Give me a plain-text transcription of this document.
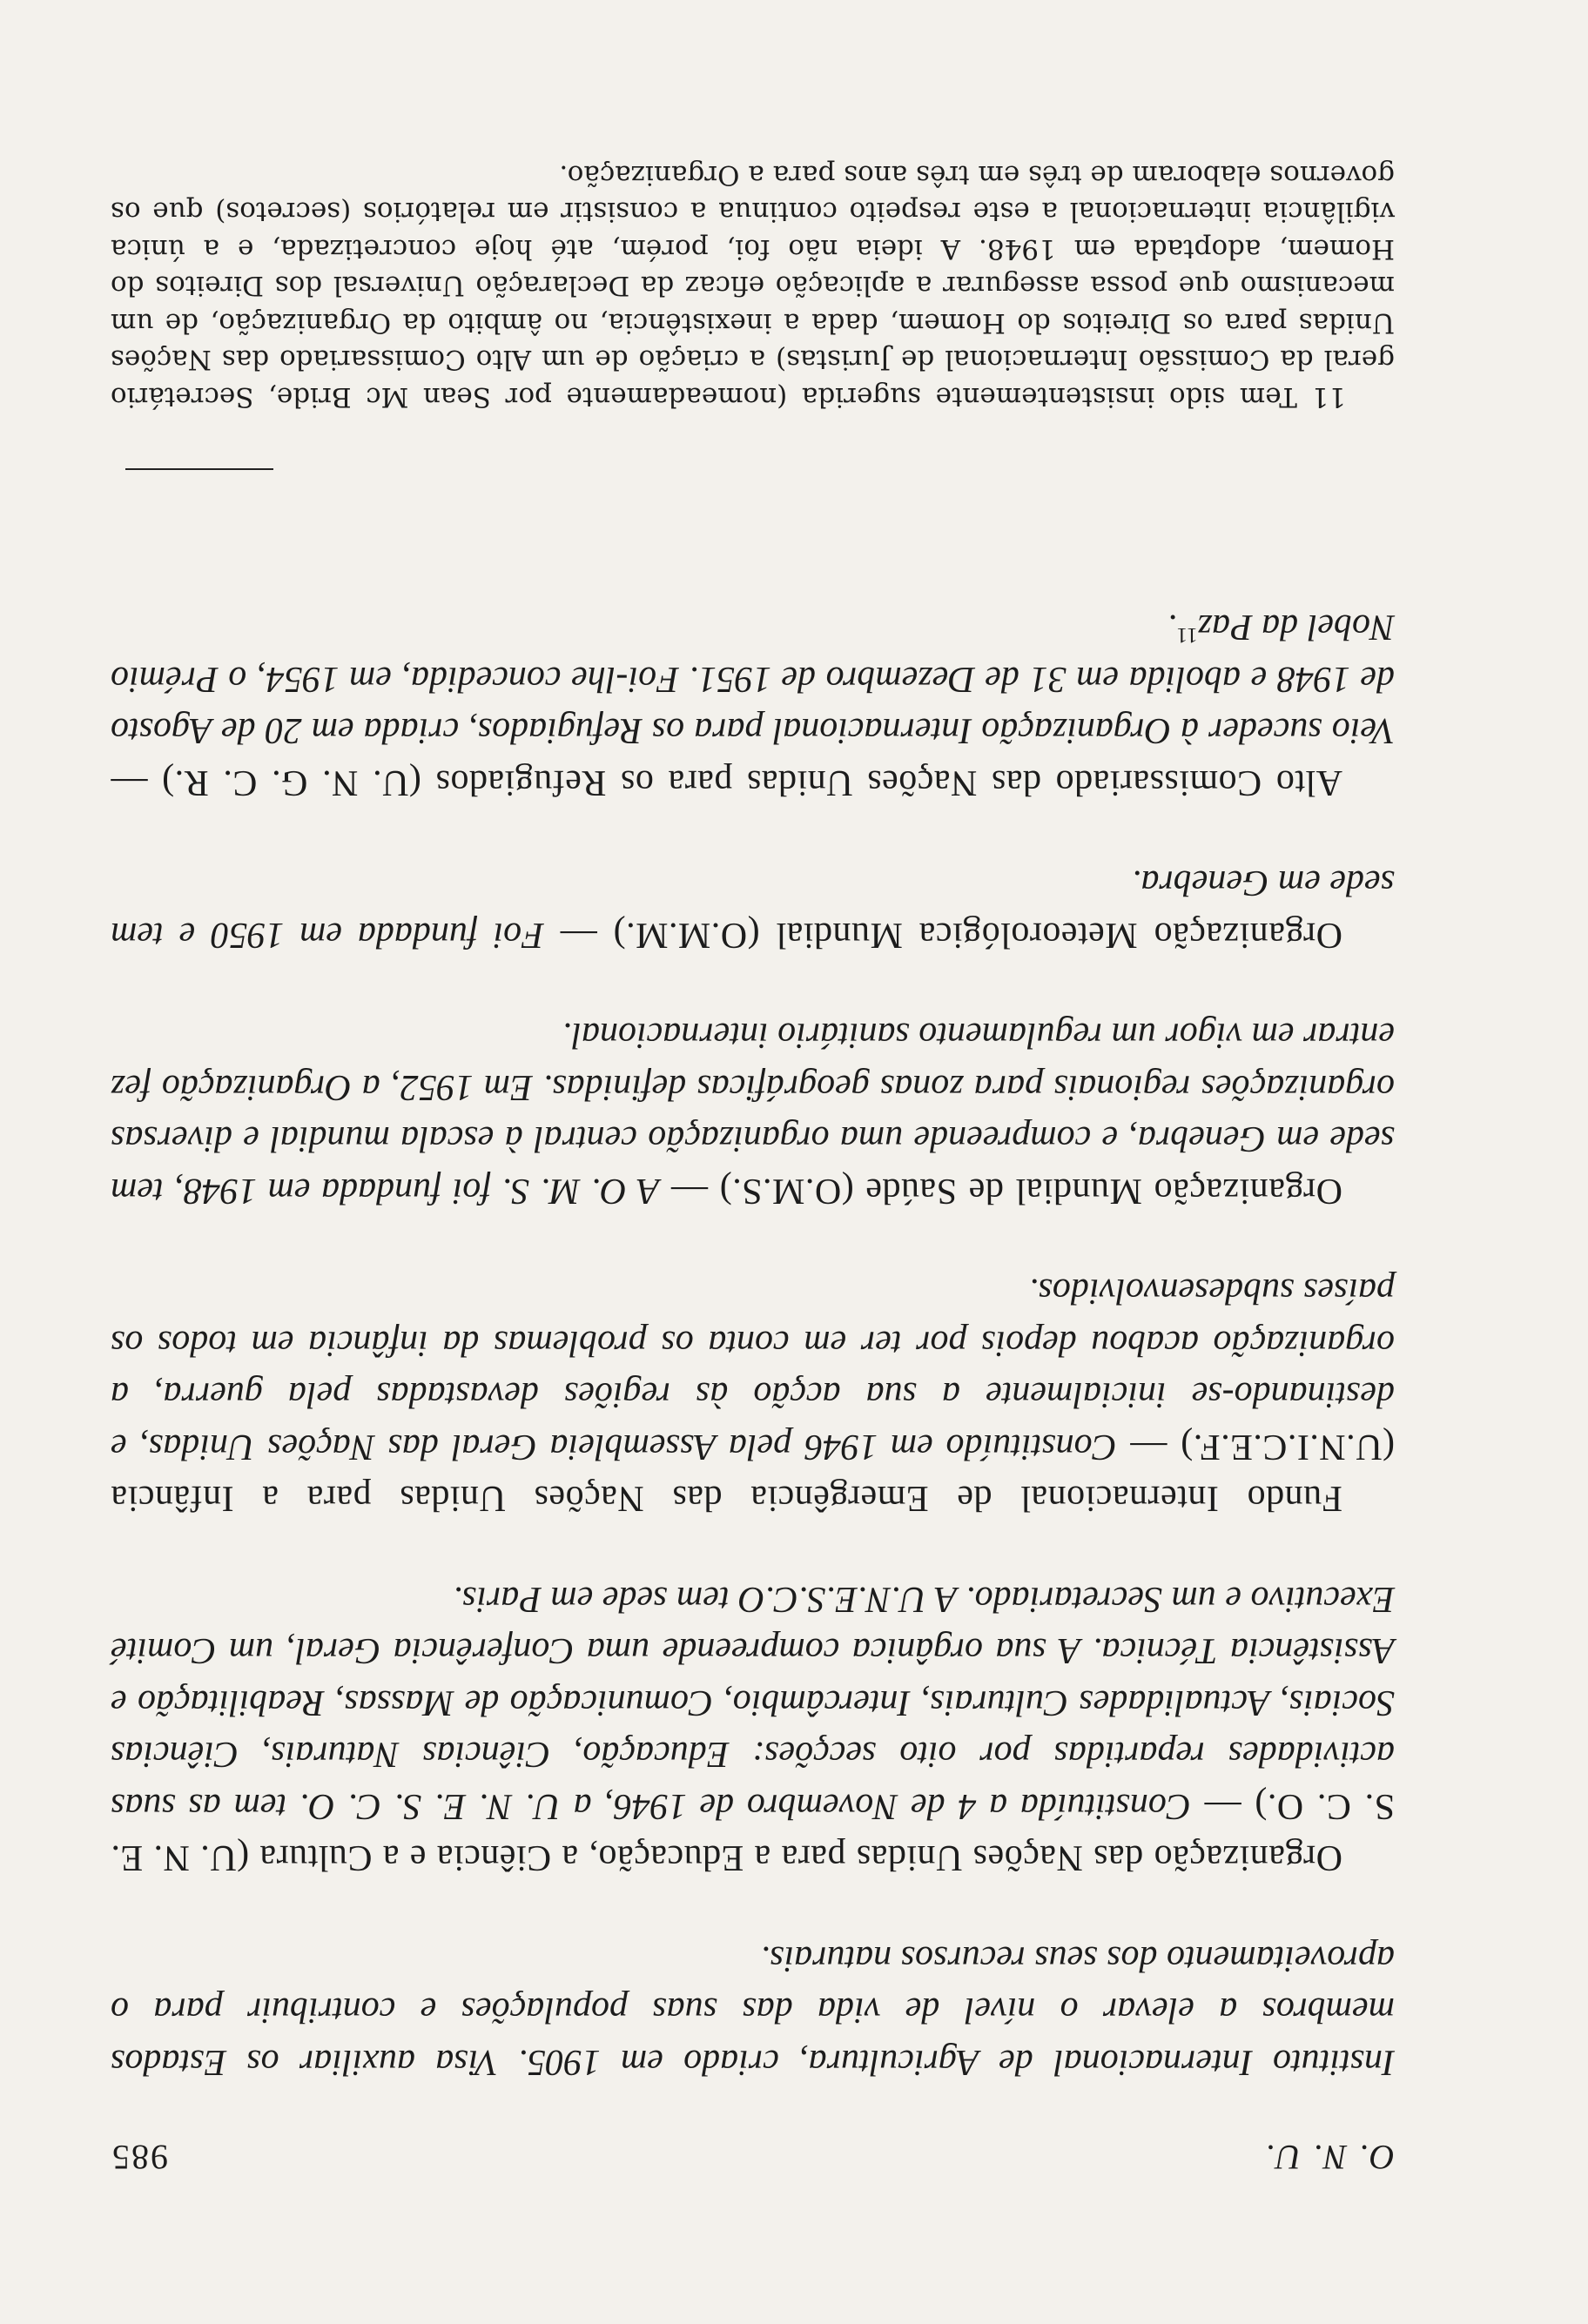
O. N. U.
985

Instituto Internacional de Agricultura, criado em 1905. Visa auxiliar os Estados membros a elevar o nível de vida das suas populações e contribuir para o aproveitamento dos seus recursos naturais.

Organização das Nações Unidas para a Educação, a Ciência e a Cultura (U. N. E. S. C. O.) — Constituída a 4 de Novembro de 1946, a U. N. E. S. C. O. tem as suas actividades repartidas por oito secções: Educação, Ciências Naturais, Ciências Sociais, Actualidades Culturais, Intercâmbio, Comunicação de Massas, Reabilitação e Assistência Técnica. A sua orgânica compreende uma Conferência Geral, um Comité Executivo e um Secretariado. A U.N.E.S.C.O tem sede em Paris.

Fundo Internacional de Emergência das Nações Unidas para a Infância (U.N.I.C.E.F.) — Constituído em 1946 pela Assembleia Geral das Nações Unidas, e destinando-se inicialmente a sua acção às regiões devastadas pela guerra, a organização acabou depois por ter em conta os problemas da infância em todos os países subdesenvolvidos.

Organização Mundial de Saúde (O.M.S.) — A O. M. S. foi fundada em 1948, tem sede em Genebra, e compreende uma organização central à escala mundial e diversas organizações regionais para zonas geográficas definidas. Em 1952, a Organização fez entrar em vigor um regulamento sanitário internacional.

Organização Meteorológica Mundial (O.M.M.) — Foi fundada em 1950 e tem sede em Genebra.

Alto Comissariado das Nações Unidas para os Refugiados (U. N. G. C. R.) — Veio suceder à Organização Internacional para os Refugiados, criada em 20 de Agosto de 1948 e abolida em 31 de Dezembro de 1951. Foi-lhe concedida, em 1954, o Prémio Nobel da Paz$^{11}$.

11 Tem sido insistentemente sugerida (nomeadamente por Sean Mc Bride, Secretário geral da Comissão Internacional de Juristas) a criação de um Alto Comissariado das Nações Unidas para os Direitos do Homem, dada a inexistência, no âmbito da Organização, de um mecanismo que possa assegurar a aplicação eficaz da Declaração Universal dos Direitos do Homem, adoptada em 1948. A ideia não foi, porém, até hoje concretizada, e a única vigilância internacional a este respeito continua a consistir em relatórios (secretos) que os governos elaboram de três em três anos para a Organização.
